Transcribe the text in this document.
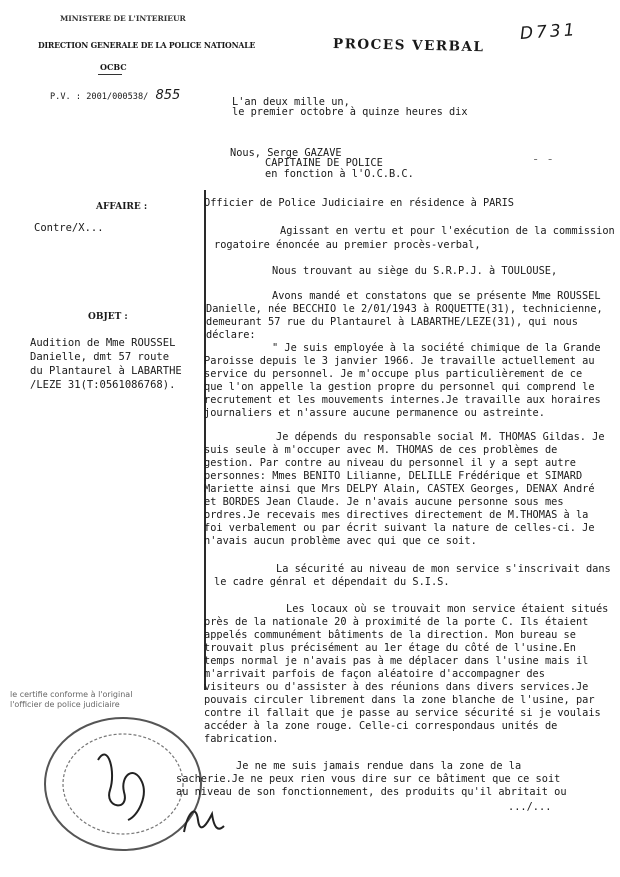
MINISTERE DE L'INTERIEUR
DIRECTION GENERALE DE LA POLICE NATIONALE
OCBC
P.V. : 2001/000538/ 855
D731
PROCES VERBAL
AFFAIRE :
Contre/X...
OBJET :
Audition de Mme ROUSSEL
Danielle, dmt 57 route
du Plantaurel à LABARTHE
/LEZE 31(T:0561086768).
le certifie conforme à l'original
l'officier de police judiciaire
L'an deux mille un,
le premier octobre à quinze heures dix
Nous, Serge GAZAVE
CAPITAINE DE POLICE
en fonction à l'O.C.B.C.
- -
Officier de Police Judiciaire en résidence à PARIS
Agissant en vertu et pour l'exécution de la commission
rogatoire énoncée au premier procès-verbal,
Nous trouvant au siège du S.R.P.J. à TOULOUSE,
Avons mandé et constatons que se présente Mme ROUSSEL
Danielle, née BECCHIO le 2/01/1943 à ROQUETTE(31), technicienne,
demeurant 57 rue du Plantaurel à LABARTHE/LEZE(31), qui nous
déclare:
" Je suis employée à la société chimique de la Grande
Paroisse depuis le 3 janvier 1966. Je travaille actuellement au
service du personnel. Je m'occupe plus particulièrement de ce
que l'on appelle la gestion propre du personnel qui comprend le
recrutement et les mouvements internes.Je travaille aux horaires
journaliers et n'assure aucune permanence ou astreinte.
Je dépends du responsable social M. THOMAS Gildas. Je
suis seule à m'occuper avec M. THOMAS de ces problèmes de
gestion. Par contre au niveau du personnel il y a sept autre
personnes: Mmes BENITO Lilianne, DELILLE Frédérique et SIMARD
Mariette ainsi que Mrs DELPY Alain, CASTEX Georges, DENAX André
et BORDES Jean Claude. Je n'avais aucune personne sous mes
ordres.Je recevais mes directives directement de M.THOMAS à la
foi verbalement ou par écrit suivant la nature de celles-ci. Je
n'avais aucun problème avec qui que ce soit.
La sécurité au niveau de mon service s'inscrivait dans
le cadre génral et dépendait du S.I.S.
Les locaux où se trouvait mon service étaient situés
près de la nationale 20 à proximité de la porte C. Ils étaient
appelés communément bâtiments de la direction. Mon bureau se
trouvait plus précisément au 1er étage du côté de l'usine.En
temps normal je n'avais pas à me déplacer dans l'usine mais il
m'arrivait parfois de façon aléatoire d'accompagner des
visiteurs ou d'assister à des réunions dans divers services.Je
pouvais circuler librement dans la zone blanche de l'usine, par
contre il fallait que je passe au service sécurité si je voulais
accéder à la zone rouge. Celle-ci correspondaus unités de
fabrication.
Je ne me suis jamais rendue dans la zone de la
sacherie.Je ne peux rien vous dire sur ce bâtiment que ce soit
au niveau de son fonctionnement, des produits qu'il abritait ou
.../...
